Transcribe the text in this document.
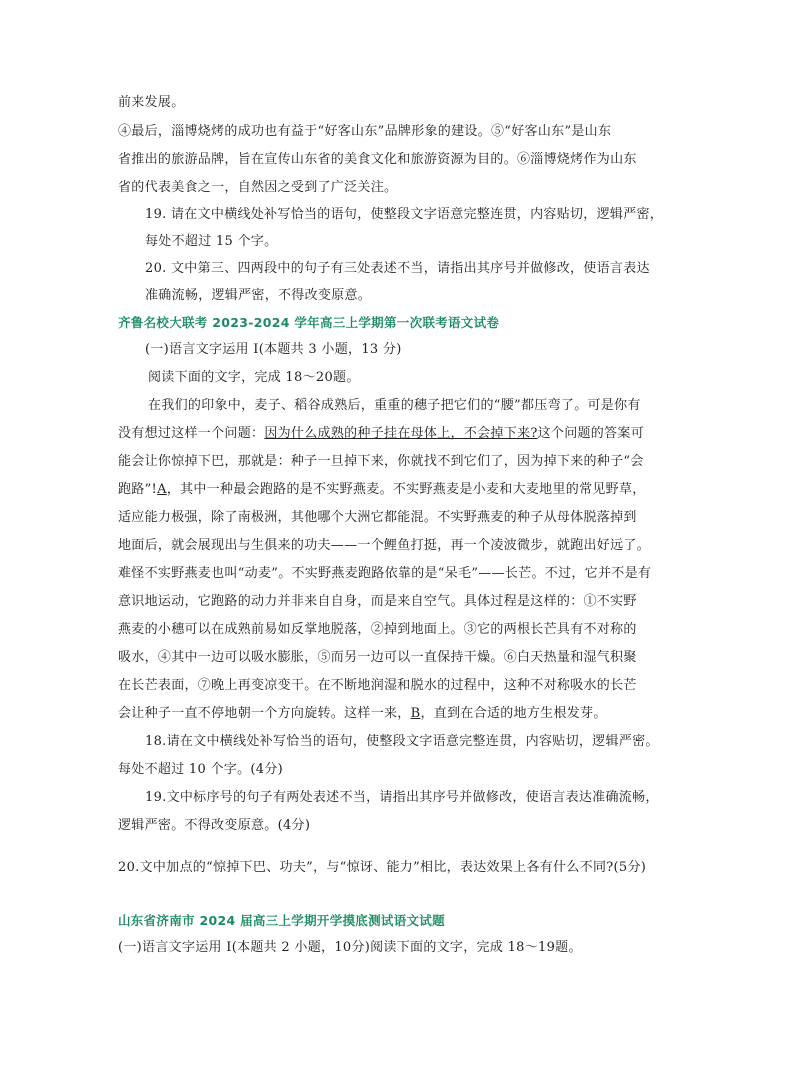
前来发展。
④最后，淄博烧烤的成功也有益于“好客山东”品牌形象的建设。⑤“好客山东”是山东
省推出的旅游品牌，旨在宣传山东省的美食文化和旅游资源为目的。⑥淄博烧烤作为山东
省的代表美食之一，自然因之受到了广泛关注。
19. 请在文中横线处补写恰当的语句，使整段文字语意完整连贯，内容贴切，逻辑严密，
每处不超过 15 个字。
20. 文中第三、四两段中的句子有三处表述不当，请指出其序号并做修改，使语言表达
准确流畅，逻辑严密，不得改变原意。
齐鲁名校大联考 2023-2024 学年高三上学期第一次联考语文试卷
(一)语言文字运用 I(本题共 3 小题，13 分)
阅读下面的文字，完成 18～20题。
在我们的印象中，麦子、稻谷成熟后，重重的穗子把它们的“腰”都压弯了。可是你有
没有想过这样一个问题：因为什么成熟的种子挂在母体上，不会掉下来?这个问题的答案可
能会让你惊掉下巴，那就是：种子一旦掉下来，你就找不到它们了，因为掉下来的种子“会
跑路”!A，其中一种最会跑路的是不实野燕麦。不实野燕麦是小麦和大麦地里的常见野草，
适应能力极强，除了南极洲，其他哪个大洲它都能混。不实野燕麦的种子从母体脱落掉到
地面后，就会展现出与生俱来的功夫——一个鲤鱼打挺，再一个凌波微步，就跑出好远了。
难怪不实野燕麦也叫“动麦”。不实野燕麦跑路依靠的是“呆毛”——长芒。不过，它并不是有
意识地运动，它跑路的动力并非来自自身，而是来自空气。具体过程是这样的：①不实野
燕麦的小穗可以在成熟前易如反掌地脱落，②掉到地面上。③它的两根长芒具有不对称的
吸水，④其中一边可以吸水膨胀，⑤而另一边可以一直保持干燥。⑥白天热量和湿气积聚
在长芒表面，⑦晚上再变凉变干。在不断地润湿和脱水的过程中，这种不对称吸水的长芒
会让种子一直不停地朝一个方向旋转。这样一来，B，直到在合适的地方生根发芽。
18.请在文中横线处补写恰当的语句，使整段文字语意完整连贯，内容贴切，逻辑严密。
每处不超过 10 个字。(4分)
19.文中标序号的句子有两处表述不当，请指出其序号并做修改，使语言表达准确流畅，
逻辑严密。不得改变原意。(4分)
20.文中加点的“惊掉下巴、功夫”，与“惊讶、能力”相比，表达效果上各有什么不同?(5分)
山东省济南市 2024 届高三上学期开学摸底测试语文试题
(一)语言文字运用 I(本题共 2 小题，10分)阅读下面的文字，完成 18～19题。
